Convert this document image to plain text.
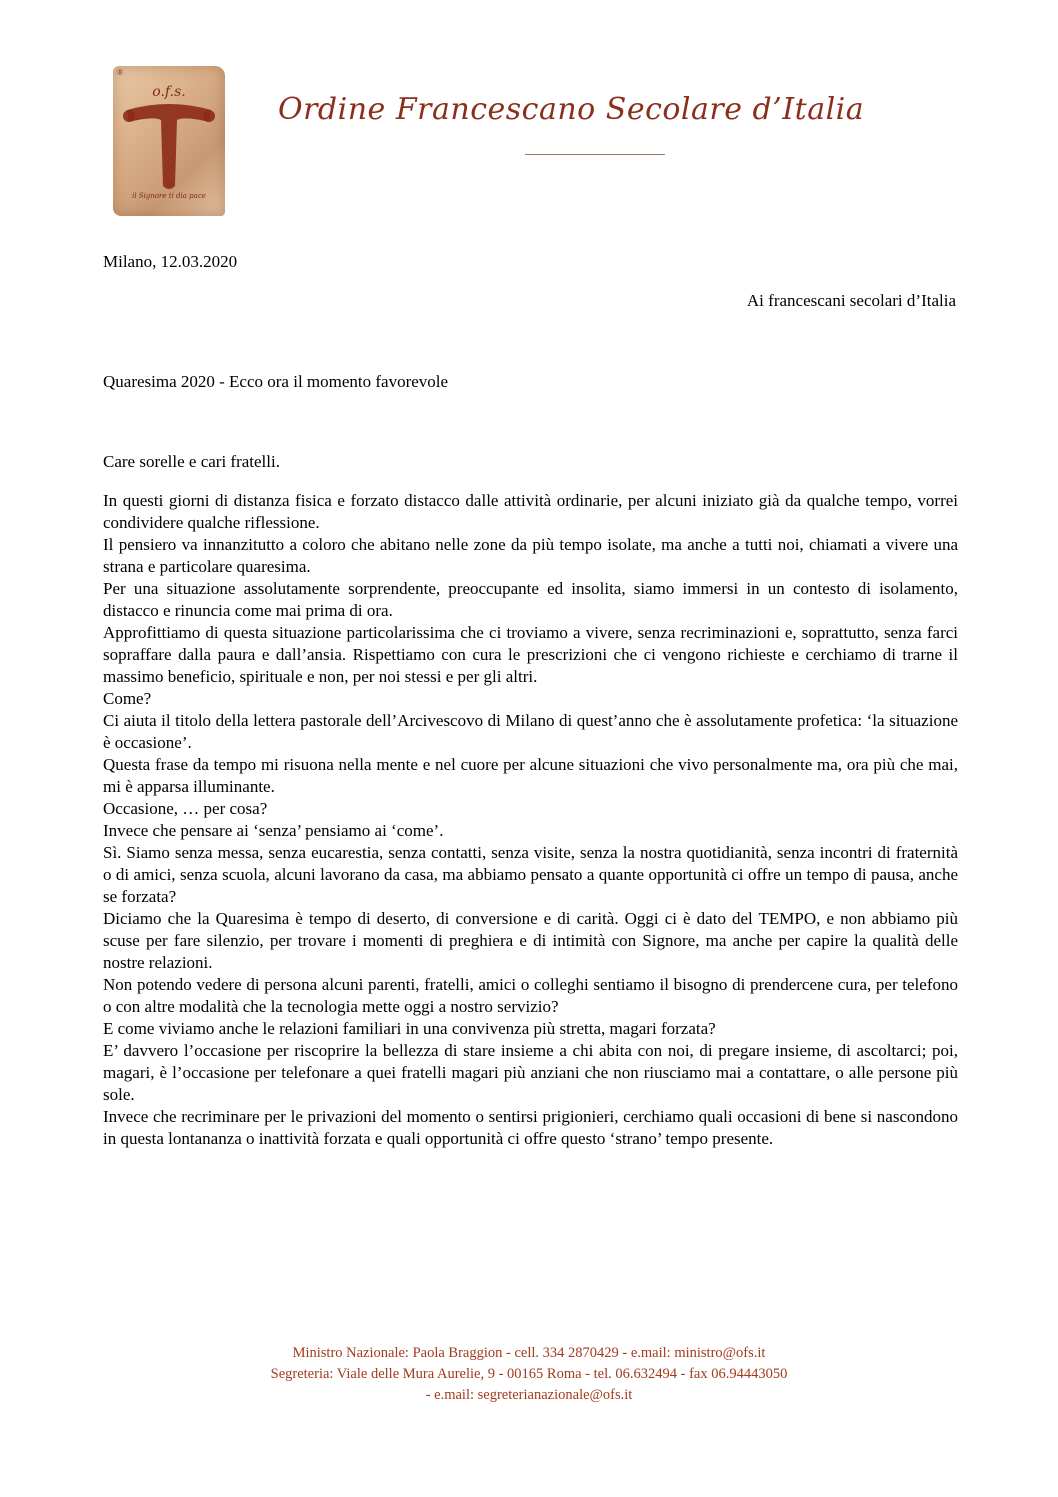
o.f.s.
il Signore ti dia pace
®
Ordine Francescano Secolare d’Italia
Milano, 12.03.2020
Ai francescani secolari d’Italia
Quaresima 2020 - Ecco ora il momento favorevole
Care sorelle e cari fratelli.

In questi giorni di distanza fisica e forzato distacco dalle attività ordinarie, per alcuni iniziato già da qualche tempo, vorrei condividere qualche riflessione.

Il pensiero va innanzitutto a coloro che abitano nelle zone da più tempo isolate, ma anche a tutti noi, chiamati a vivere una strana e particolare quaresima.

Per una situazione assolutamente sorprendente, preoccupante ed insolita, siamo immersi in un contesto di isolamento, distacco e rinuncia come mai prima di ora.

Approfittiamo di questa situazione particolarissima che ci troviamo a vivere, senza recriminazioni e, soprattutto, senza farci sopraffare dalla paura e dall’ansia. Rispettiamo con cura le prescrizioni che ci vengono richieste e cerchiamo di trarne il massimo beneficio, spirituale e non, per noi stessi e per gli altri.

Come?

Ci aiuta il titolo della lettera pastorale dell’Arcivescovo di Milano di quest’anno che è assolutamente profetica: ‘la situazione è occasione’.

Questa frase da tempo mi risuona nella mente e nel cuore per alcune situazioni che vivo personalmente ma, ora più che mai, mi è apparsa illuminante.

Occasione, … per cosa?

Invece che pensare ai ‘senza’ pensiamo ai ‘come’.

Sì. Siamo senza messa, senza eucarestia, senza contatti, senza visite, senza la nostra quotidianità, senza incontri di fraternità o di amici, senza scuola, alcuni lavorano da casa, ma abbiamo pensato a quante opportunità ci offre un tempo di pausa, anche se forzata?

Diciamo che la Quaresima è tempo di deserto, di conversione e di carità. Oggi ci è dato del TEMPO, e non abbiamo più scuse per fare silenzio, per trovare i momenti di preghiera e di intimità con Signore, ma anche per capire la qualità delle nostre relazioni.

Non potendo vedere di persona alcuni parenti, fratelli, amici o colleghi sentiamo il bisogno di prendercene cura, per telefono o con altre modalità che la tecnologia mette oggi a nostro servizio?

E come viviamo anche le relazioni familiari in una convivenza più stretta, magari forzata?

E’ davvero l’occasione per riscoprire la bellezza di stare insieme a chi abita con noi, di pregare insieme, di ascoltarci; poi, magari, è l’occasione per telefonare a quei fratelli magari più anziani che non riusciamo mai a contattare, o alle persone più sole.

Invece che recriminare per le privazioni del momento o sentirsi prigionieri, cerchiamo quali occasioni di bene si nascondono in questa lontananza o inattività forzata e quali opportunità ci offre questo ‘strano’ tempo presente.

Ministro Nazionale: Paola Braggion - cell. 334 2870429 - e.mail: ministro@ofs.it
Segreteria: Viale delle Mura Aurelie, 9 - 00165 Roma - tel. 06.632494 - fax 06.94443050
- e.mail: segreterianazionale@ofs.it
